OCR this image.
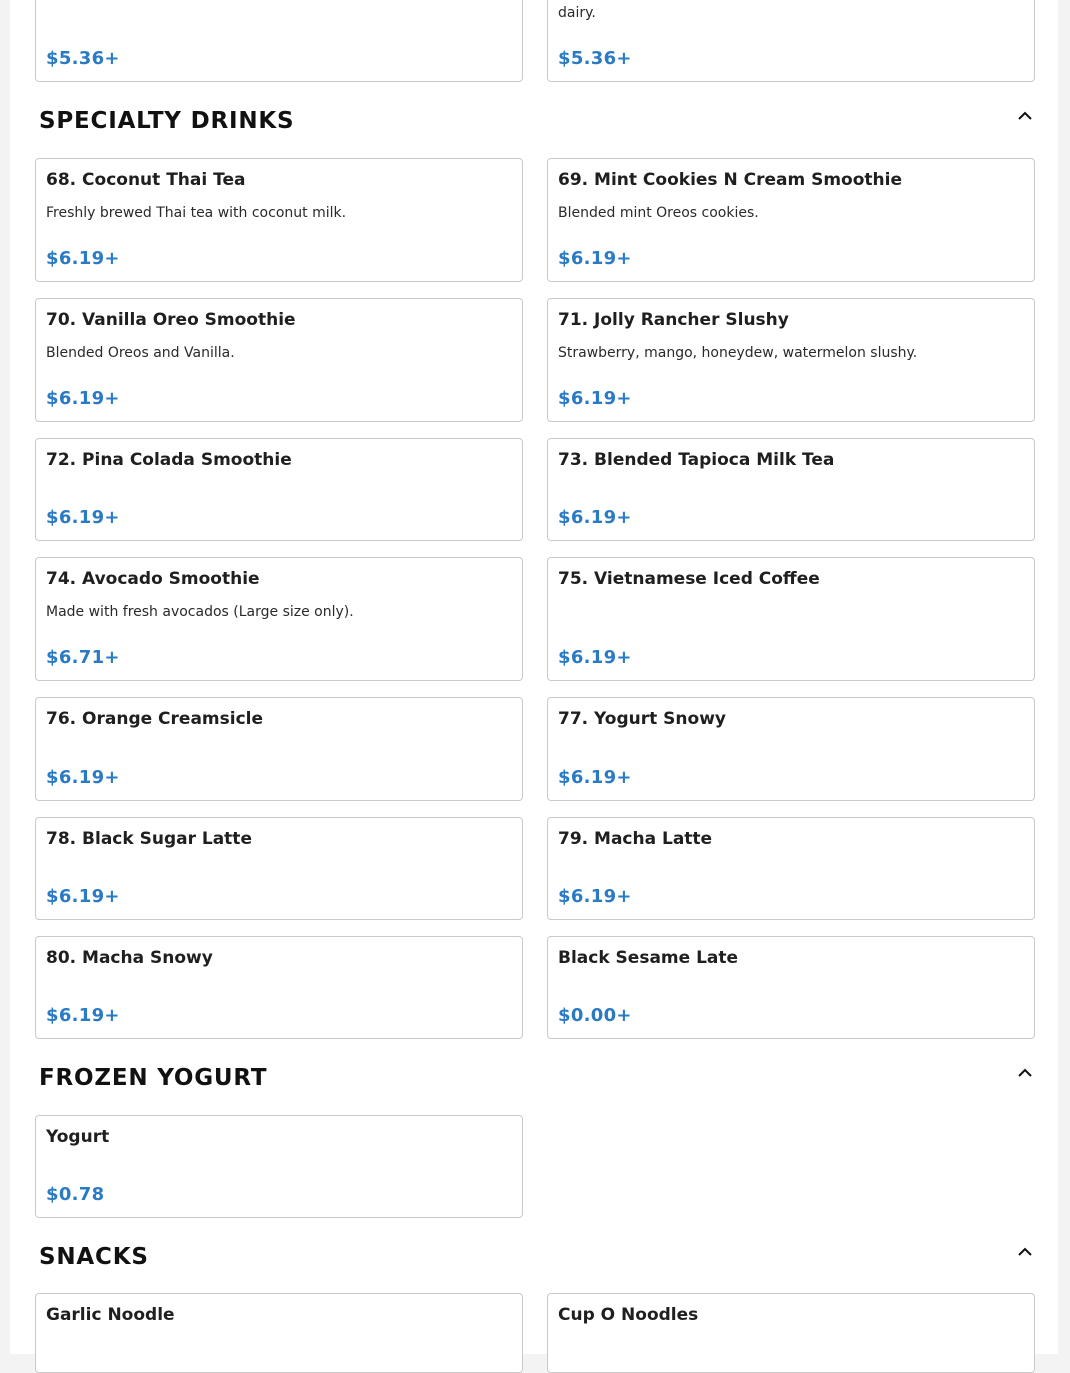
$5.36+
dairy.
$5.36+
SPECIALTY DRINKS
68. Coconut Thai Tea
Freshly brewed Thai tea with coconut milk.
$6.19+
69. Mint Cookies N Cream Smoothie
Blended mint Oreos cookies.
$6.19+
70. Vanilla Oreo Smoothie
Blended Oreos and Vanilla.
$6.19+
71. Jolly Rancher Slushy
Strawberry, mango, honeydew, watermelon slushy.
$6.19+
72. Pina Colada Smoothie
$6.19+
73. Blended Tapioca Milk Tea
$6.19+
74. Avocado Smoothie
Made with fresh avocados (Large size only).
$6.71+
75. Vietnamese Iced Coffee
$6.19+
76. Orange Creamsicle
$6.19+
77. Yogurt Snowy
$6.19+
78. Black Sugar Latte
$6.19+
79. Macha Latte
$6.19+
80. Macha Snowy
$6.19+
Black Sesame Late
$0.00+
FROZEN YOGURT
Yogurt
$0.78
SNACKS
Garlic Noodle	Cup O Noodles
